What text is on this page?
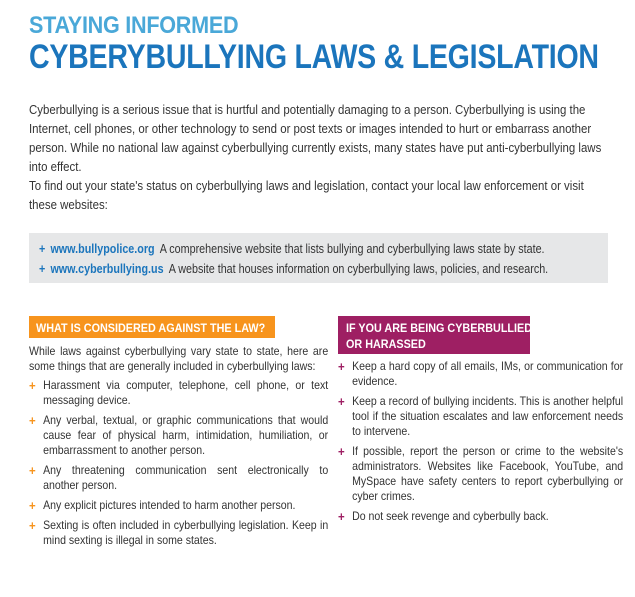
STAYING INFORMED
CYBERYBULLYING LAWS & LEGISLATION

Cyberbullying is a serious issue that is hurtful and potentially damaging to a person. Cyberbullying is using the Internet, cell phones, or other technology to send or post texts or images intended to hurt or embarrass another person. While no national law against cyberbullying currently exists, many states have put anti-cyberbullying laws into effect.

To find out your state's status on cyberbullying laws and legislation, contact your local law enforcement or visit these websites:

+ www.bullypolice.org A comprehensive website that lists bullying and cyberbullying laws state by state.
+ www.cyberbullying.us A website that houses information on cyberbullying laws, policies, and research.
WHAT IS CONSIDERED AGAINST THE LAW?	IF YOU ARE BEING CYBERBULLIED
OR HARASSED

While laws against cyberbullying vary state to state, here are some things that are generally included in cyberbullying laws:

+ Harassment via computer, telephone, cell phone, or text messaging device.
+ Any verbal, textual, or graphic communications that would cause fear of physical harm, intimidation, humiliation, or embarrassment to another person.
+ Any threatening communication sent electronically to another person.
+ Any explicit pictures intended to harm another person.
+ Sexting is often included in cyberbullying legislation. Keep in mind sexting is illegal in some states.
+ Keep a hard copy of all emails, IMs, or communication for evidence.
+ Keep a record of bullying incidents. This is another helpful tool if the situation escalates and law enforcement needs to intervene.
+ If possible, report the person or crime to the website's administrators. Websites like Facebook, YouTube, and MySpace have safety centers to report cyberbullying or cyber crimes.
+ Do not seek revenge and cyberbully back.
